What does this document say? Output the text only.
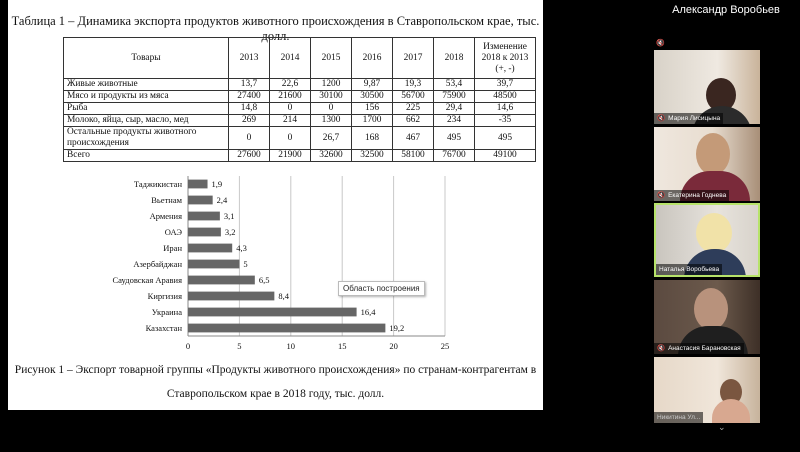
Таблица 1 – Динамика экспорта продуктов животного происхождения в Ставропольском крае, тыс. долл.
Товары	2013	2014	2015	2016	2017	2018	Изменение 2018 к 2013 (+, -)
Живые животные	13,7	22,6	1200	9,87	19,3	53,4	39,7
Мясо и продукты из мяса	27400	21600	30100	30500	56700	75900	48500
Рыба	14,8	0	0	156	225	29,4	14,6
Молоко, яйца, сыр, масло, мед	269	214	1300	1700	662	234	-35
Остальные продукты животного происхождения	0	0	26,7	168	467	495	495
Всего	27600	21900	32600	32500	58100	76700	49100
0	5	10	15	20	25
Таджикистан	1,9
Вьетнам	2,4
Армения	3,1
ОАЭ	3,2
Иран	4,3
Азербайджан	5
Саудовская Аравия	6,5
Киргизия	8,4
Украина	16,4
Казахстан	19,2
Область построения
Рисунок 1 – Экспорт товарной группы «Продукты животного происхождения» по странам-контрагентам в
Ставропольском крае в 2018 году, тыс. долл.
Александр Воробьев
🔇
🔇 Мария Лисицына
🔇 Екатерина Годнева
Наталья Воробьева
🔇 Анастасия Барановская
Никитина Ул...
⌄
